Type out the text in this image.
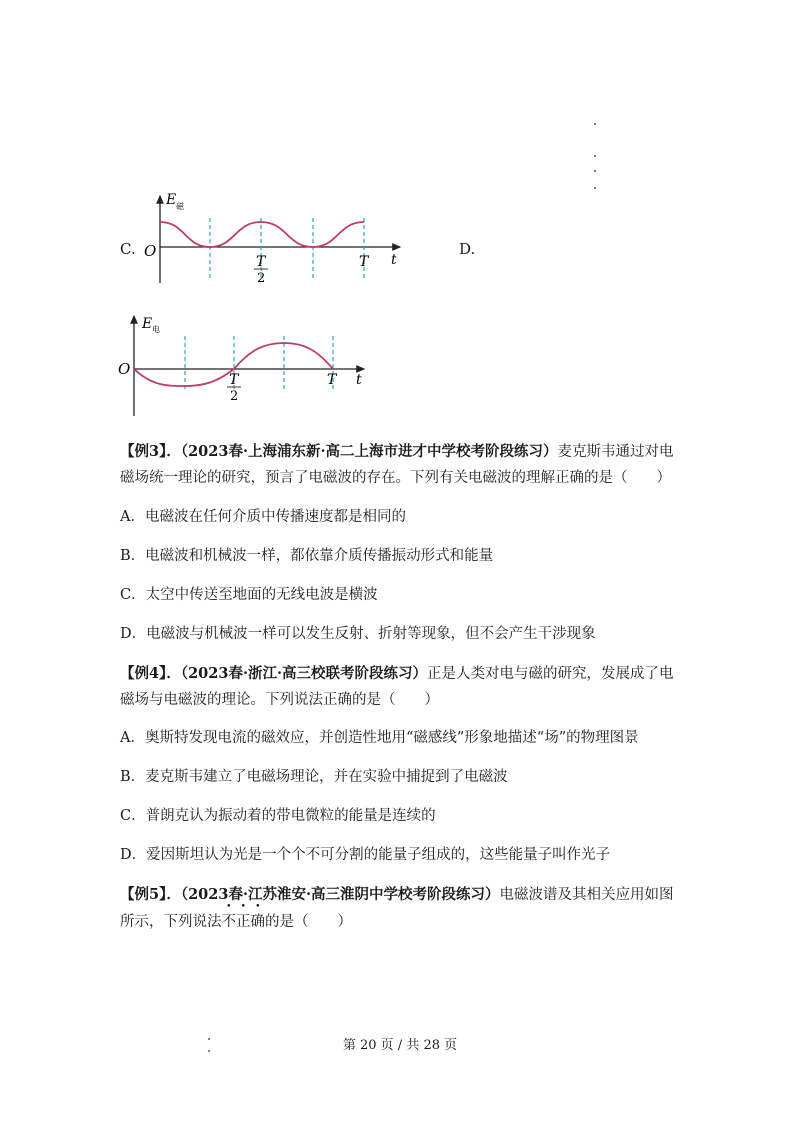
C.
E 磁
O	t
T
2
T
D.
E 电
O
t
T
2
T
【例3】．（2023春·上海浦东新·高二上海市进才中学校考阶段练习）麦克斯韦通过对电
磁场统一理论的研究，预言了电磁波的存在。下列有关电磁波的理解正确的是（　　）
A．电磁波在任何介质中传播速度都是相同的
B．电磁波和机械波一样，都依靠介质传播振动形式和能量
C．太空中传送至地面的无线电波是横波
D．电磁波与机械波一样可以发生反射、折射等现象，但不会产生干涉现象
【例4】．（2023春·浙江·高三校联考阶段练习）正是人类对电与磁的研究，发展成了电
磁场与电磁波的理论。下列说法正确的是（　　）
A．奥斯特发现电流的磁效应，并创造性地用“磁感线”形象地描述“场”的物理图景
B．麦克斯韦建立了电磁场理论，并在实验中捕捉到了电磁波
C．普朗克认为振动着的带电微粒的能量是连续的
D．爱因斯坦认为光是一个个不可分割的能量子组成的，这些能量子叫作光子
【例5】．（2023春·江苏淮安·高三淮阴中学校考阶段练习）电磁波谱及其相关应用如图
所示，下列说法不正确的是（　　）
第 20 页 / 共 28 页
